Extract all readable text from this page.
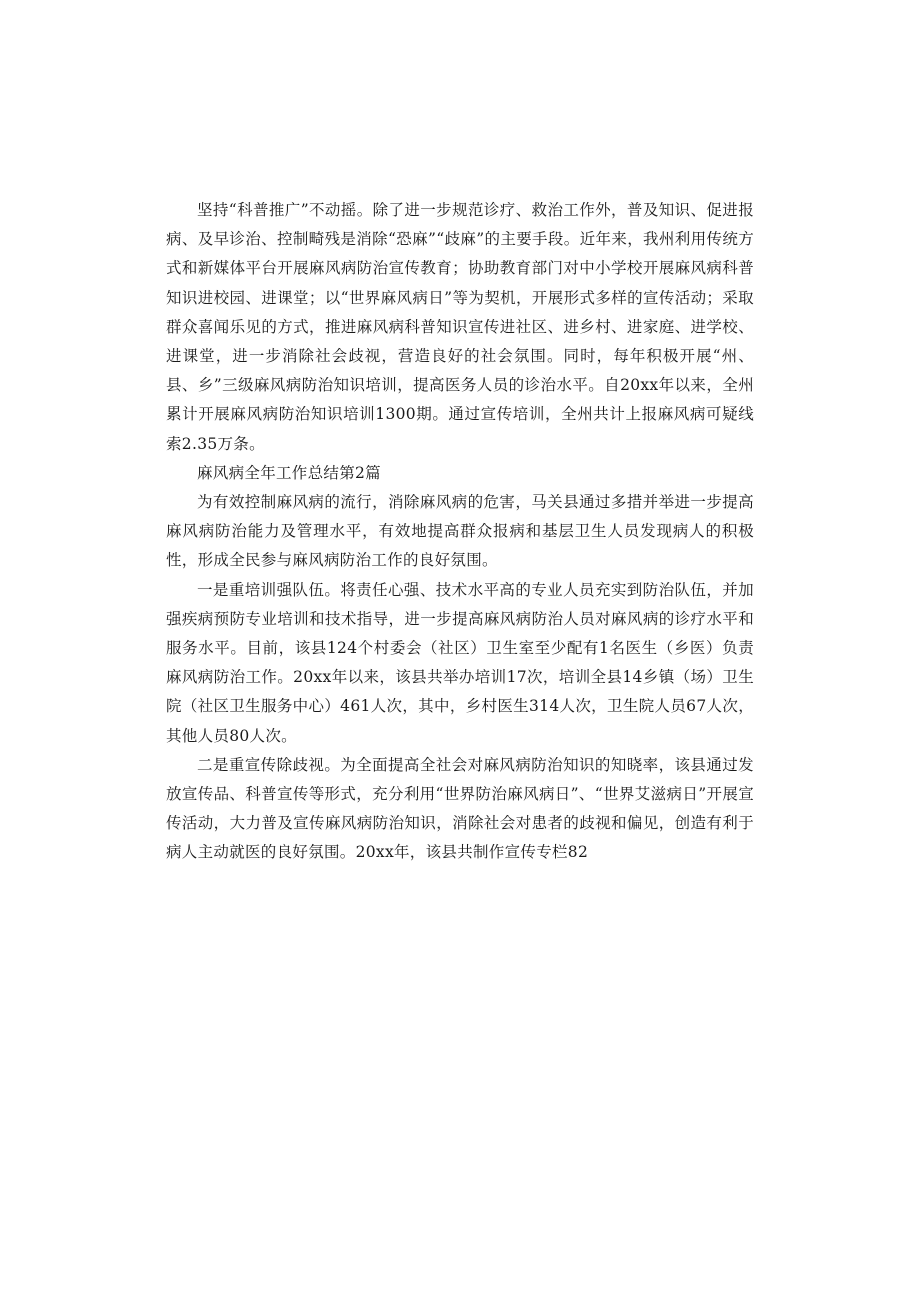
坚持“科普推广”不动摇。除了进一步规范诊疗、救治工作外，普及知识、促进报病、及早诊治、控制畸残是消除“恐麻”“歧麻”的主要手段。近年来，我州利用传统方式和新媒体平台开展麻风病防治宣传教育；协助教育部门对中小学校开展麻风病科普知识进校园、进课堂；以“世界麻风病日”等为契机，开展形式多样的宣传活动；采取群众喜闻乐见的方式，推进麻风病科普知识宣传进社区、进乡村、进家庭、进学校、进课堂，进一步消除社会歧视，营造良好的社会氛围。同时，每年积极开展“州、县、乡”三级麻风病防治知识培训，提高医务人员的诊治水平。自20xx年以来，全州累计开展麻风病防治知识培训1300期。通过宣传培训，全州共计上报麻风病可疑线索2.35万条。

麻风病全年工作总结第2篇

为有效控制麻风病的流行，消除麻风病的危害，马关县通过多措并举进一步提高麻风病防治能力及管理水平，有效地提高群众报病和基层卫生人员发现病人的积极性，形成全民参与麻风病防治工作的良好氛围。

一是重培训强队伍。将责任心强、技术水平高的专业人员充实到防治队伍，并加强疾病预防专业培训和技术指导，进一步提高麻风病防治人员对麻风病的诊疗水平和服务水平。目前，该县124个村委会（社区）卫生室至少配有1名医生（乡医）负责麻风病防治工作。20xx年以来，该县共举办培训17次，培训全县14乡镇（场）卫生院（社区卫生服务中心）461人次，其中，乡村医生314人次，卫生院人员67人次，其他人员80人次。

二是重宣传除歧视。为全面提高全社会对麻风病防治知识的知晓率，该县通过发放宣传品、科普宣传等形式，充分利用“世界防治麻风病日”、“世界艾滋病日”开展宣传活动，大力普及宣传麻风病防治知识，消除社会对患者的歧视和偏见，创造有利于病人主动就医的良好氛围。20xx年，该县共制作宣传专栏82
